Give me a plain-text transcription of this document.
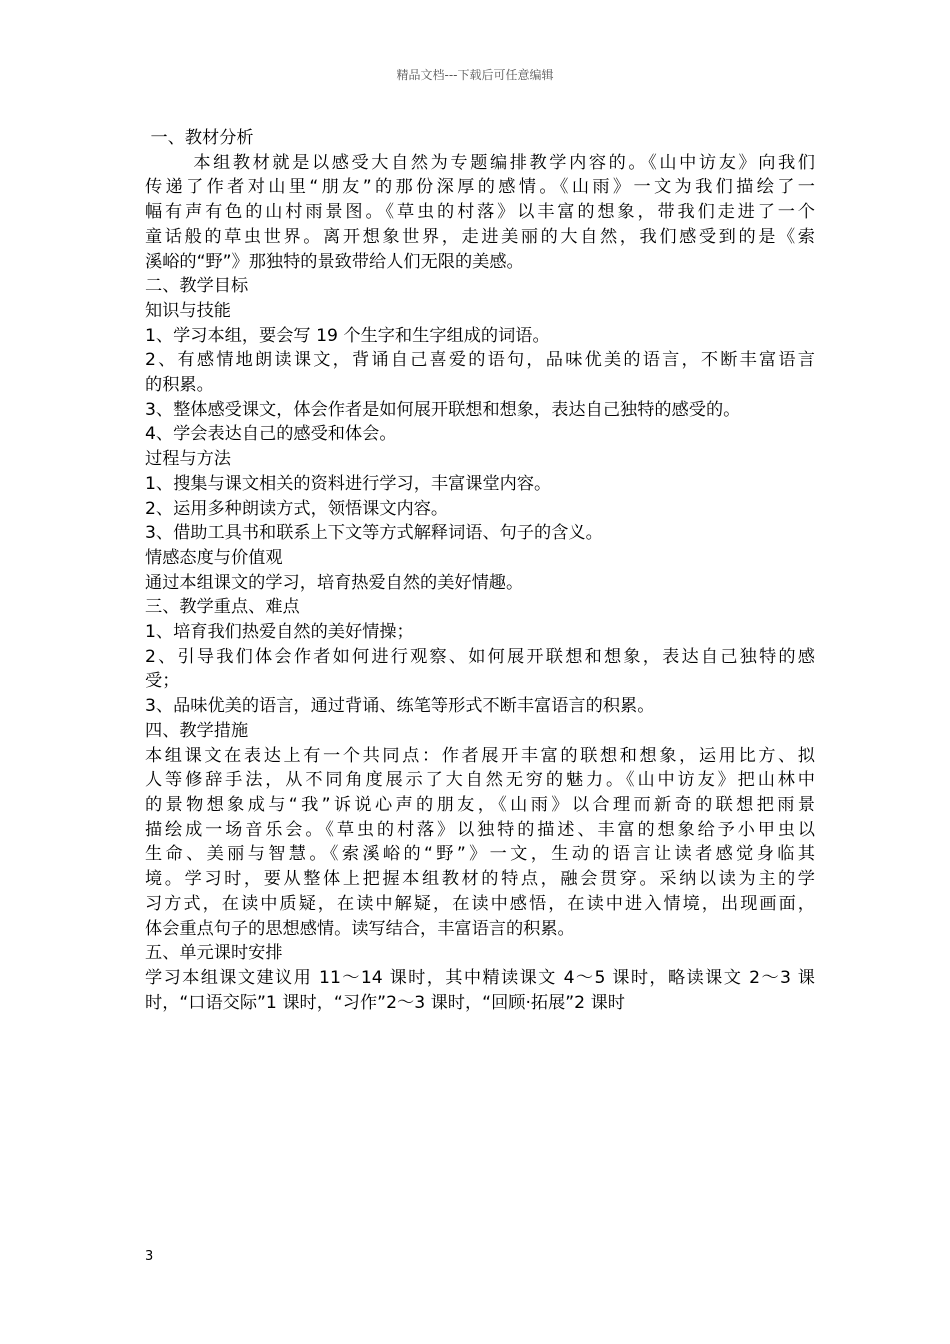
精品文档---下载后可任意编辑
一、教材分析
本组教材就是以感受大自然为专题编排教学内容的。《山中访友》向我们
传递了作者对山里“朋友”的那份深厚的感情。《山雨》一文为我们描绘了一
幅有声有色的山村雨景图。《草虫的村落》以丰富的想象，带我们走进了一个
童话般的草虫世界。离开想象世界，走进美丽的大自然，我们感受到的是《索
溪峪的“野”》那独特的景致带给人们无限的美感。
二、教学目标
知识与技能
1、学习本组，要会写 19 个生字和生字组成的词语。
2、有感情地朗读课文，背诵自己喜爱的语句，品味优美的语言，不断丰富语言
的积累。
3、整体感受课文，体会作者是如何展开联想和想象，表达自己独特的感受的。
4、学会表达自己的感受和体会。
过程与方法
1、搜集与课文相关的资料进行学习，丰富课堂内容。
2、运用多种朗读方式，领悟课文内容。
3、借助工具书和联系上下文等方式解释词语、句子的含义。
情感态度与价值观
通过本组课文的学习，培育热爱自然的美好情趣。
三、教学重点、难点
1、培育我们热爱自然的美好情操；
2、引导我们体会作者如何进行观察、如何展开联想和想象，表达自己独特的感
受；
3、品味优美的语言，通过背诵、练笔等形式不断丰富语言的积累。
四、教学措施
本组课文在表达上有一个共同点：作者展开丰富的联想和想象，运用比方、拟
人等修辞手法，从不同角度展示了大自然无穷的魅力。《山中访友》把山林中
的景物想象成与“我”诉说心声的朋友，《山雨》以合理而新奇的联想把雨景
描绘成一场音乐会。《草虫的村落》以独特的描述、丰富的想象给予小甲虫以
生命、美丽与智慧。《索溪峪的“野”》一文，生动的语言让读者感觉身临其
境。学习时，要从整体上把握本组教材的特点，融会贯穿。采纳以读为主的学
习方式，在读中质疑，在读中解疑，在读中感悟，在读中进入情境，出现画面，
体会重点句子的思想感情。读写结合，丰富语言的积累。
五、单元课时安排
学习本组课文建议用 11～14 课时，其中精读课文 4～5 课时，略读课文 2～3 课
时，“口语交际”1 课时，“习作”2～3 课时，“回顾·拓展”2 课时
3
